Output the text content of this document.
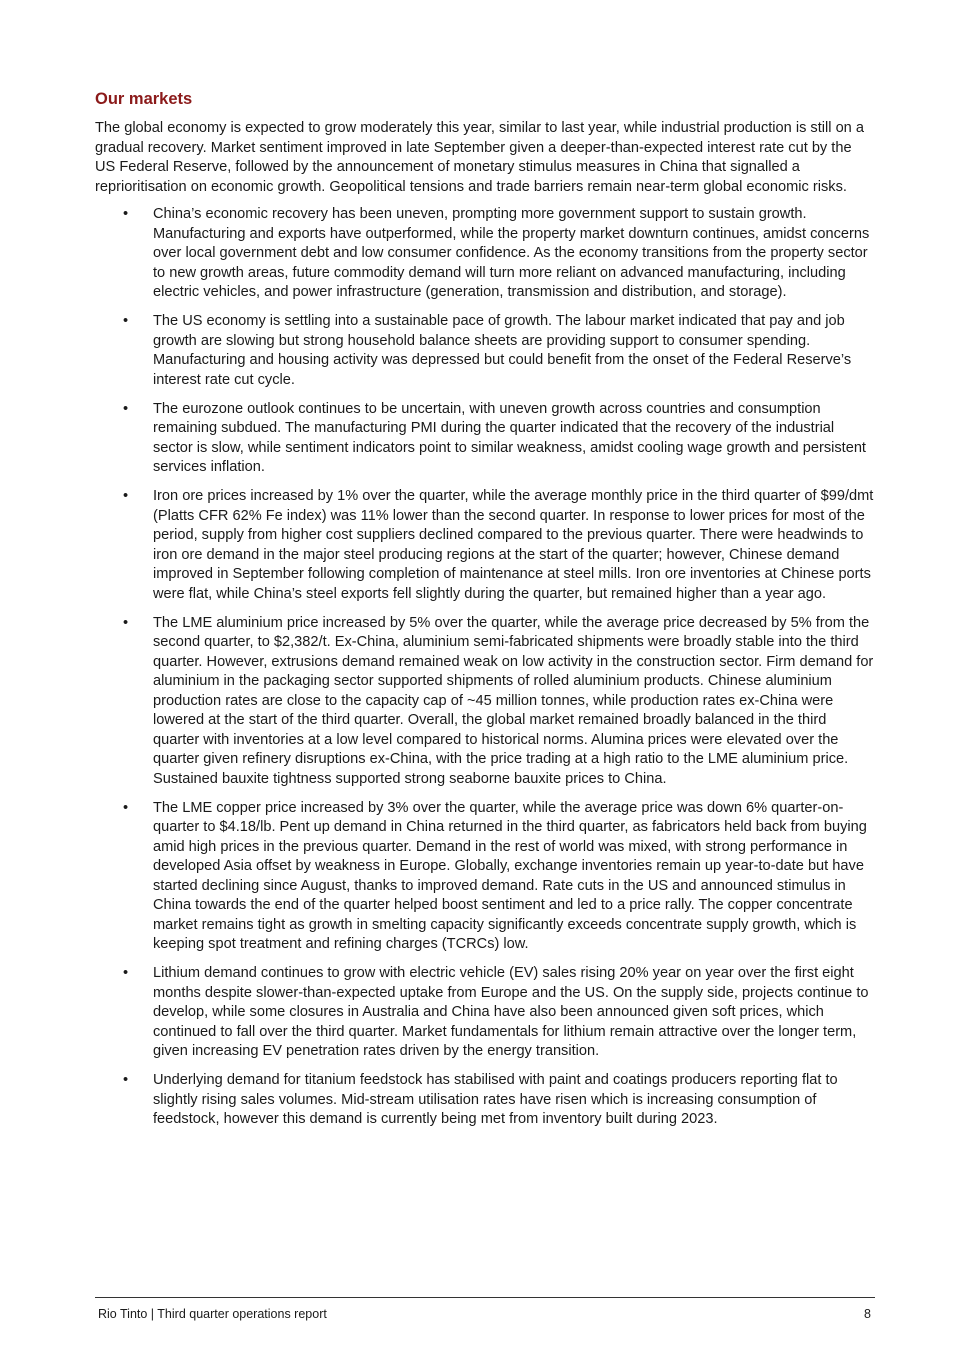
Our markets

The global economy is expected to grow moderately this year, similar to last year, while industrial production is still on a gradual recovery. Market sentiment improved in late September given a deeper-than-expected interest rate cut by the US Federal Reserve, followed by the announcement of monetary stimulus measures in China that signalled a reprioritisation on economic growth. Geopolitical tensions and trade barriers remain near-term global economic risks.

• China’s economic recovery has been uneven, prompting more government support to sustain growth. Manufacturing and exports have outperformed, while the property market downturn continues, amidst concerns over local government debt and low consumer confidence. As the economy transitions from the property sector to new growth areas, future commodity demand will turn more reliant on advanced manufacturing, including electric vehicles, and power infrastructure (generation, transmission and distribution, and storage).
• The US economy is settling into a sustainable pace of growth. The labour market indicated that pay and job growth are slowing but strong household balance sheets are providing support to consumer spending. Manufacturing and housing activity was depressed but could benefit from the onset of the Federal Reserve’s interest rate cut cycle.
• The eurozone outlook continues to be uncertain, with uneven growth across countries and consumption remaining subdued. The manufacturing PMI during the quarter indicated that the recovery of the industrial sector is slow, while sentiment indicators point to similar weakness, amidst cooling wage growth and persistent services inflation.
• Iron ore prices increased by 1% over the quarter, while the average monthly price in the third quarter of $99/dmt (Platts CFR 62% Fe index) was 11% lower than the second quarter. In response to lower prices for most of the period, supply from higher cost suppliers declined compared to the previous quarter. There were headwinds to iron ore demand in the major steel producing regions at the start of the quarter; however, Chinese demand improved in September following completion of maintenance at steel mills. Iron ore inventories at Chinese ports were flat, while China’s steel exports fell slightly during the quarter, but remained higher than a year ago.
• The LME aluminium price increased by 5% over the quarter, while the average price decreased by 5% from the second quarter, to $2,382/t. Ex-China, aluminium semi-fabricated shipments were broadly stable into the third quarter. However, extrusions demand remained weak on low activity in the construction sector. Firm demand for aluminium in the packaging sector supported shipments of rolled aluminium products. Chinese aluminium production rates are close to the capacity cap of ~45 million tonnes, while production rates ex-China were lowered at the start of the third quarter. Overall, the global market remained broadly balanced in the third quarter with inventories at a low level compared to historical norms. Alumina prices were elevated over the quarter given refinery disruptions ex-China, with the price trading at a high ratio to the LME aluminium price. Sustained bauxite tightness supported strong seaborne bauxite prices to China.
• The LME copper price increased by 3% over the quarter, while the average price was down 6% quarter-on-quarter to $4.18/lb. Pent up demand in China returned in the third quarter, as fabricators held back from buying amid high prices in the previous quarter. Demand in the rest of world was mixed, with strong performance in developed Asia offset by weakness in Europe. Globally, exchange inventories remain up year-to-date but have started declining since August, thanks to improved demand. Rate cuts in the US and announced stimulus in China towards the end of the quarter helped boost sentiment and led to a price rally. The copper concentrate market remains tight as growth in smelting capacity significantly exceeds concentrate supply growth, which is keeping spot treatment and refining charges (TCRCs) low.
• Lithium demand continues to grow with electric vehicle (EV) sales rising 20% year on year over the first eight months despite slower-than-expected uptake from Europe and the US. On the supply side, projects continue to develop, while some closures in Australia and China have also been announced given soft prices, which continued to fall over the third quarter. Market fundamentals for lithium remain attractive over the longer term, given increasing EV penetration rates driven by the energy transition.
• Underlying demand for titanium feedstock has stabilised with paint and coatings producers reporting flat to slightly rising sales volumes. Mid-stream utilisation rates have risen which is increasing consumption of feedstock, however this demand is currently being met from inventory built during 2023.
Rio Tinto | Third quarter operations report	8
